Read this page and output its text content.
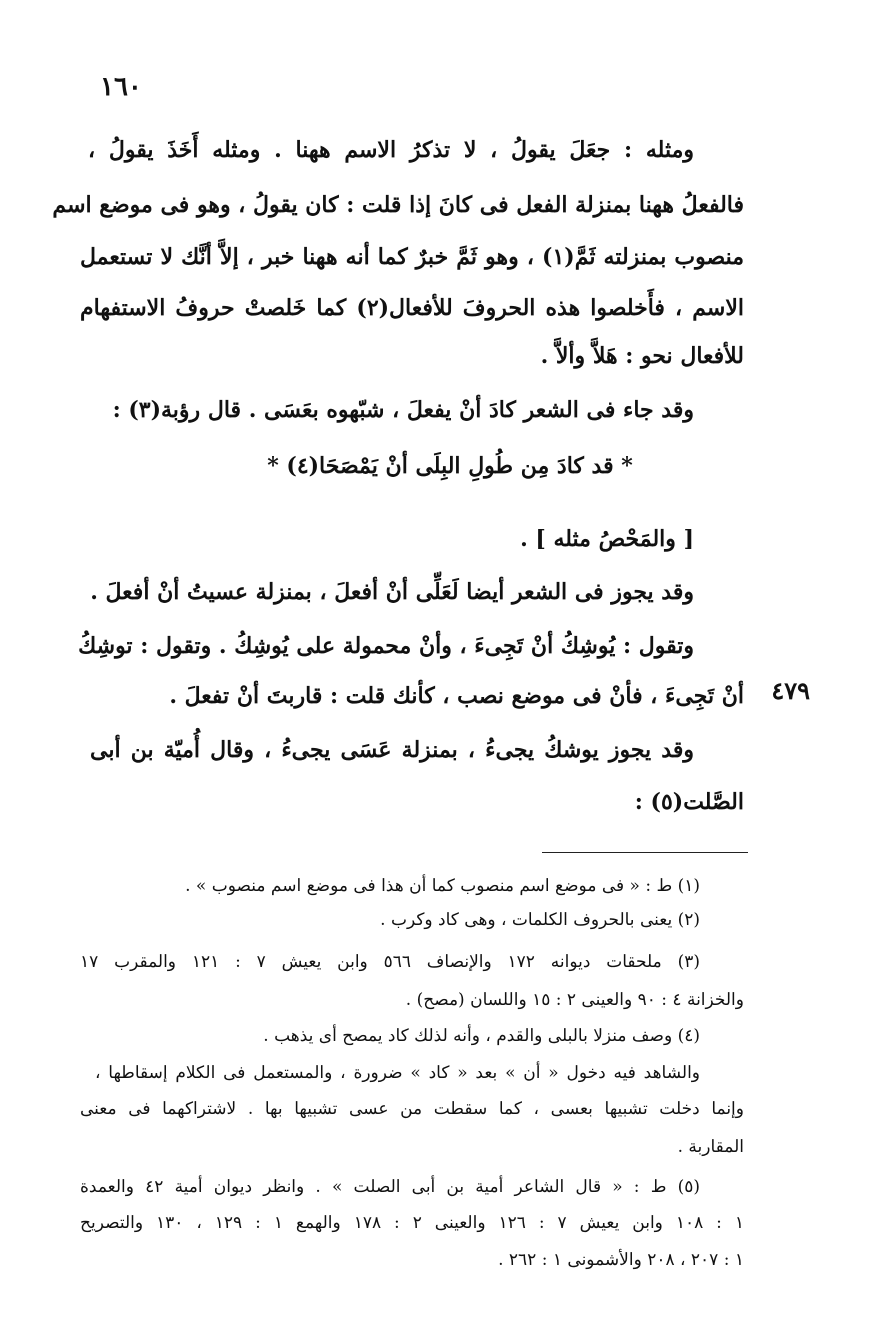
١٦٠
ومثله : جعَلَ يقولُ ، لا تذكرُ الاسم ههنا . ومثله أَخَذَ يقولُ ،
فالفعلُ ههنا بمنزلة الفعل فى كانَ إذا قلت : كان يقولُ ، وهو فى موضع اسم
منصوب بمنزلته ثَمَّ(١) ، وهو ثَمَّ خبرٌ كما أنه ههنا خبر ، إلاَّ أنَّك لا تستعمل
الاسم ، فأَخلصوا هذه الحروفَ للأفعال(٢) كما خَلصتْ حروفُ الاستفهام
للأفعال نحو : هَلاَّ وألاَّ .
وقد جاء فى الشعر كادَ أنْ يفعلَ ، شبّهوه بعَسَى . قال رؤبة(٣) :
* قد كادَ مِن طُولِ البِلَى أنْ يَمْصَحَا(٤) *
[ والمَحْصُ مثله ] .
وقد يجوز فى الشعر أيضا لَعَلِّى أنْ أفعلَ ، بمنزلة عسيتُ أنْ أفعلَ .
وتقول : يُوشِكُ أنْ تَجِىءَ ، وأنْ محمولة على يُوشِكُ . وتقول : توشِكُ
أنْ تَجِىءَ ، فأنْ فى موضع نصب ، كأنك قلت : قاربتَ أنْ تفعلَ .
وقد يجوز يوشكُ يجىءُ ، بمنزلة عَسَى يجىءُ ، وقال أُميّة بن أبى
الصَّلت(٥) :
٤٧٩
(١) ط : « فى موضع اسم منصوب كما أن هذا فى موضع اسم منصوب » .
(٢) يعنى بالحروف الكلمات ، وهى كاد وكرب .
(٣) ملحقات ديوانه ١٧٢ والإنصاف ٥٦٦ وابن يعيش ٧ : ١٢١ والمقرب ١٧
والخزانة ٤ : ٩٠ والعينى ٢ : ١٥ واللسان (مصح) .
(٤) وصف منزلا بالبلى والقدم ، وأنه لذلك كاد يمصح أى يذهب .
والشاهد فيه دخول « أن » بعد « كاد » ضرورة ، والمستعمل فى الكلام إسقاطها ،
وإنما دخلت تشبيها بعسى ، كما سقطت من عسى تشبيها بها . لاشتراكهما فى معنى
المقاربة .
(٥) ط : « قال الشاعر أمية بن أبى الصلت » . وانظر ديوان أمية ٤٢ والعمدة
١ : ١٠٨ وابن يعيش ٧ : ١٢٦ والعينى ٢ : ١٧٨ والهمع ١ : ١٢٩ ، ١٣٠ والتصريح
١ : ٢٠٧ ، ٢٠٨ والأشمونى ١ : ٢٦٢ .
